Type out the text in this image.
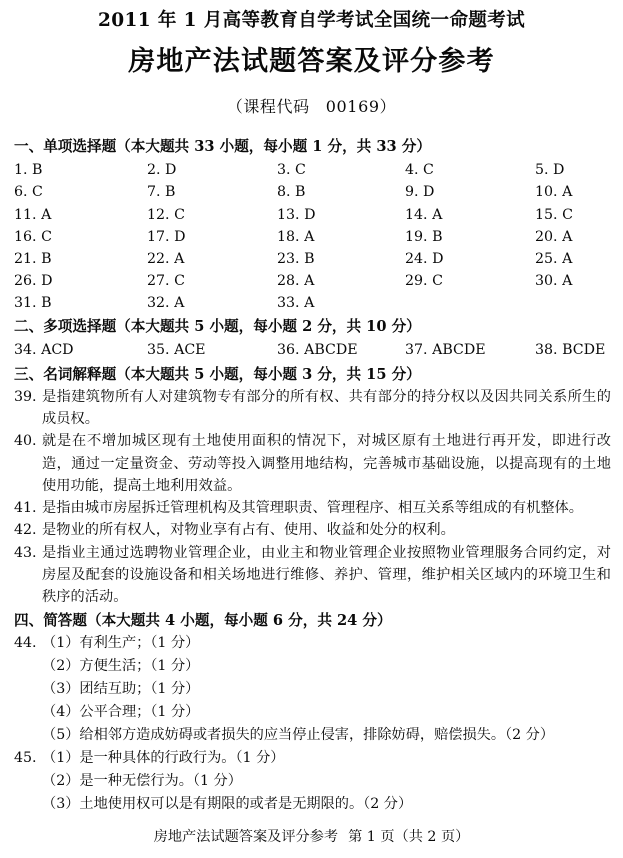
2011 年 1 月高等教育自学考试全国统一命题考试
房地产法试题答案及评分参考
（课程代码 00169）
一、单项选择题（本大题共 33 小题，每小题 1 分，共 33 分）
1. B	2. D	3. C	4. C	5. D
6. C	7. B	8. B	9. D	10. A
11. A	12. C	13. D	14. A	15. C
16. C	17. D	18. A	19. B	20. A
21. B	22. A	23. B	24. D	25. A
26. D	27. C	28. A	29. C	30. A
31. B	32. A	33. A
二、多项选择题（本大题共 5 小题，每小题 2 分，共 10 分）
34. ACD	35. ACE	36. ABCDE	37. ABCDE	38. BCDE
三、名词解释题（本大题共 5 小题，每小题 3 分，共 15 分）
39. 是指建筑物所有人对建筑物专有部分的所有权、共有部分的持分权以及因共同关系所生的成员权。
40. 就是在不增加城区现有土地使用面积的情况下，对城区原有土地进行再开发，即进行改造，通过一定量资金、劳动等投入调整用地结构，完善城市基础设施，以提高现有的土地使用功能，提高土地利用效益。
41. 是指由城市房屋拆迁管理机构及其管理职责、管理程序、相互关系等组成的有机整体。
42. 是物业的所有权人，对物业享有占有、使用、收益和处分的权利。
43. 是指业主通过选聘物业管理企业，由业主和物业管理企业按照物业管理服务合同约定，对房屋及配套的设施设备和相关场地进行维修、养护、管理，维护相关区域内的环境卫生和秩序的活动。
四、简答题（本大题共 4 小题，每小题 6 分，共 24 分）
44. （1）有利生产；（1 分）
（2）方便生活；（1 分）
（3）团结互助；（1 分）
（4）公平合理；（1 分）
（5）给相邻方造成妨碍或者损失的应当停止侵害，排除妨碍，赔偿损失。（2 分）
45. （1）是一种具体的行政行为。（1 分）
（2）是一种无偿行为。（1 分）
（3）土地使用权可以是有期限的或者是无期限的。（2 分）
房地产法试题答案及评分参考 第 1 页（共 2 页）
